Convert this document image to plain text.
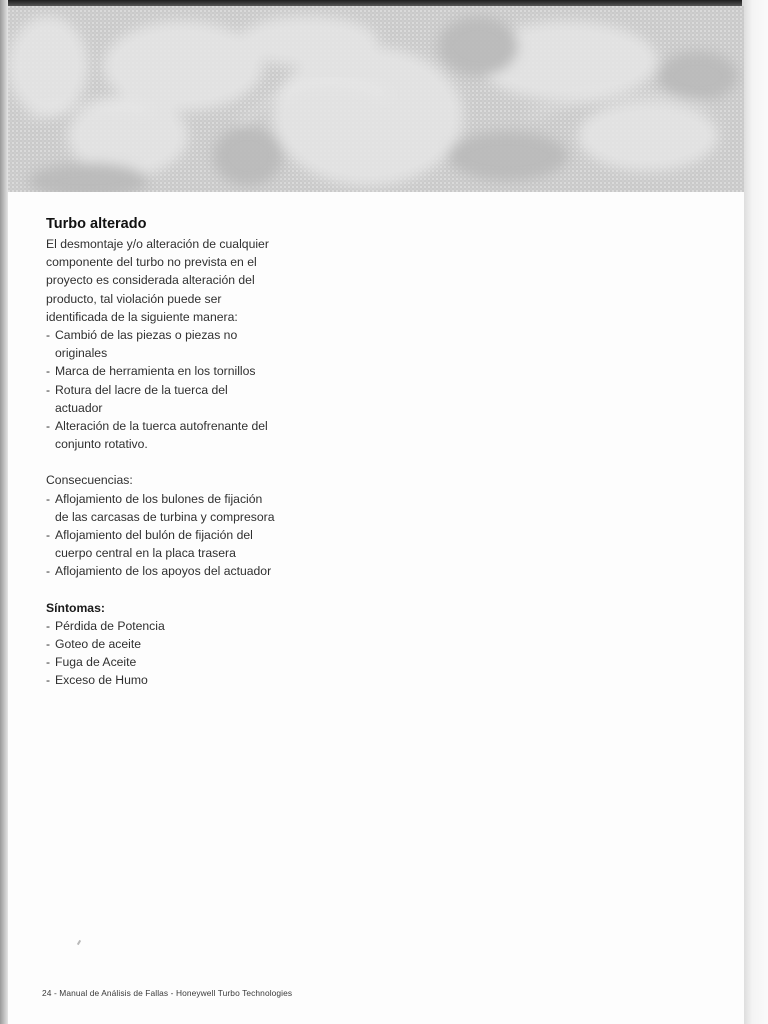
Turbo alterado

El desmontaje y/o alteración de cualquier componente del turbo no prevista en el proyecto es considerada alteración del producto, tal violación puede ser identificada de la siguiente manera:

- Cambió de las piezas o piezas no originales
- Marca de herramienta en los tornillos
- Rotura del lacre de la tuerca del actuador
- Alteración de la tuerca autofrenante del conjunto rotativo.

Consecuencias:

- Aflojamiento de los bulones de fijación de las carcasas de turbina y compresora
- Aflojamiento del bulón de fijación del cuerpo central en la placa trasera
- Aflojamiento de los apoyos del actuador

Síntomas:

- Pérdida de Potencia
- Goteo de aceite
- Fuga de Aceite
- Exceso de Humo
24 - Manual de Análisis de Fallas - Honeywell Turbo Technologies
